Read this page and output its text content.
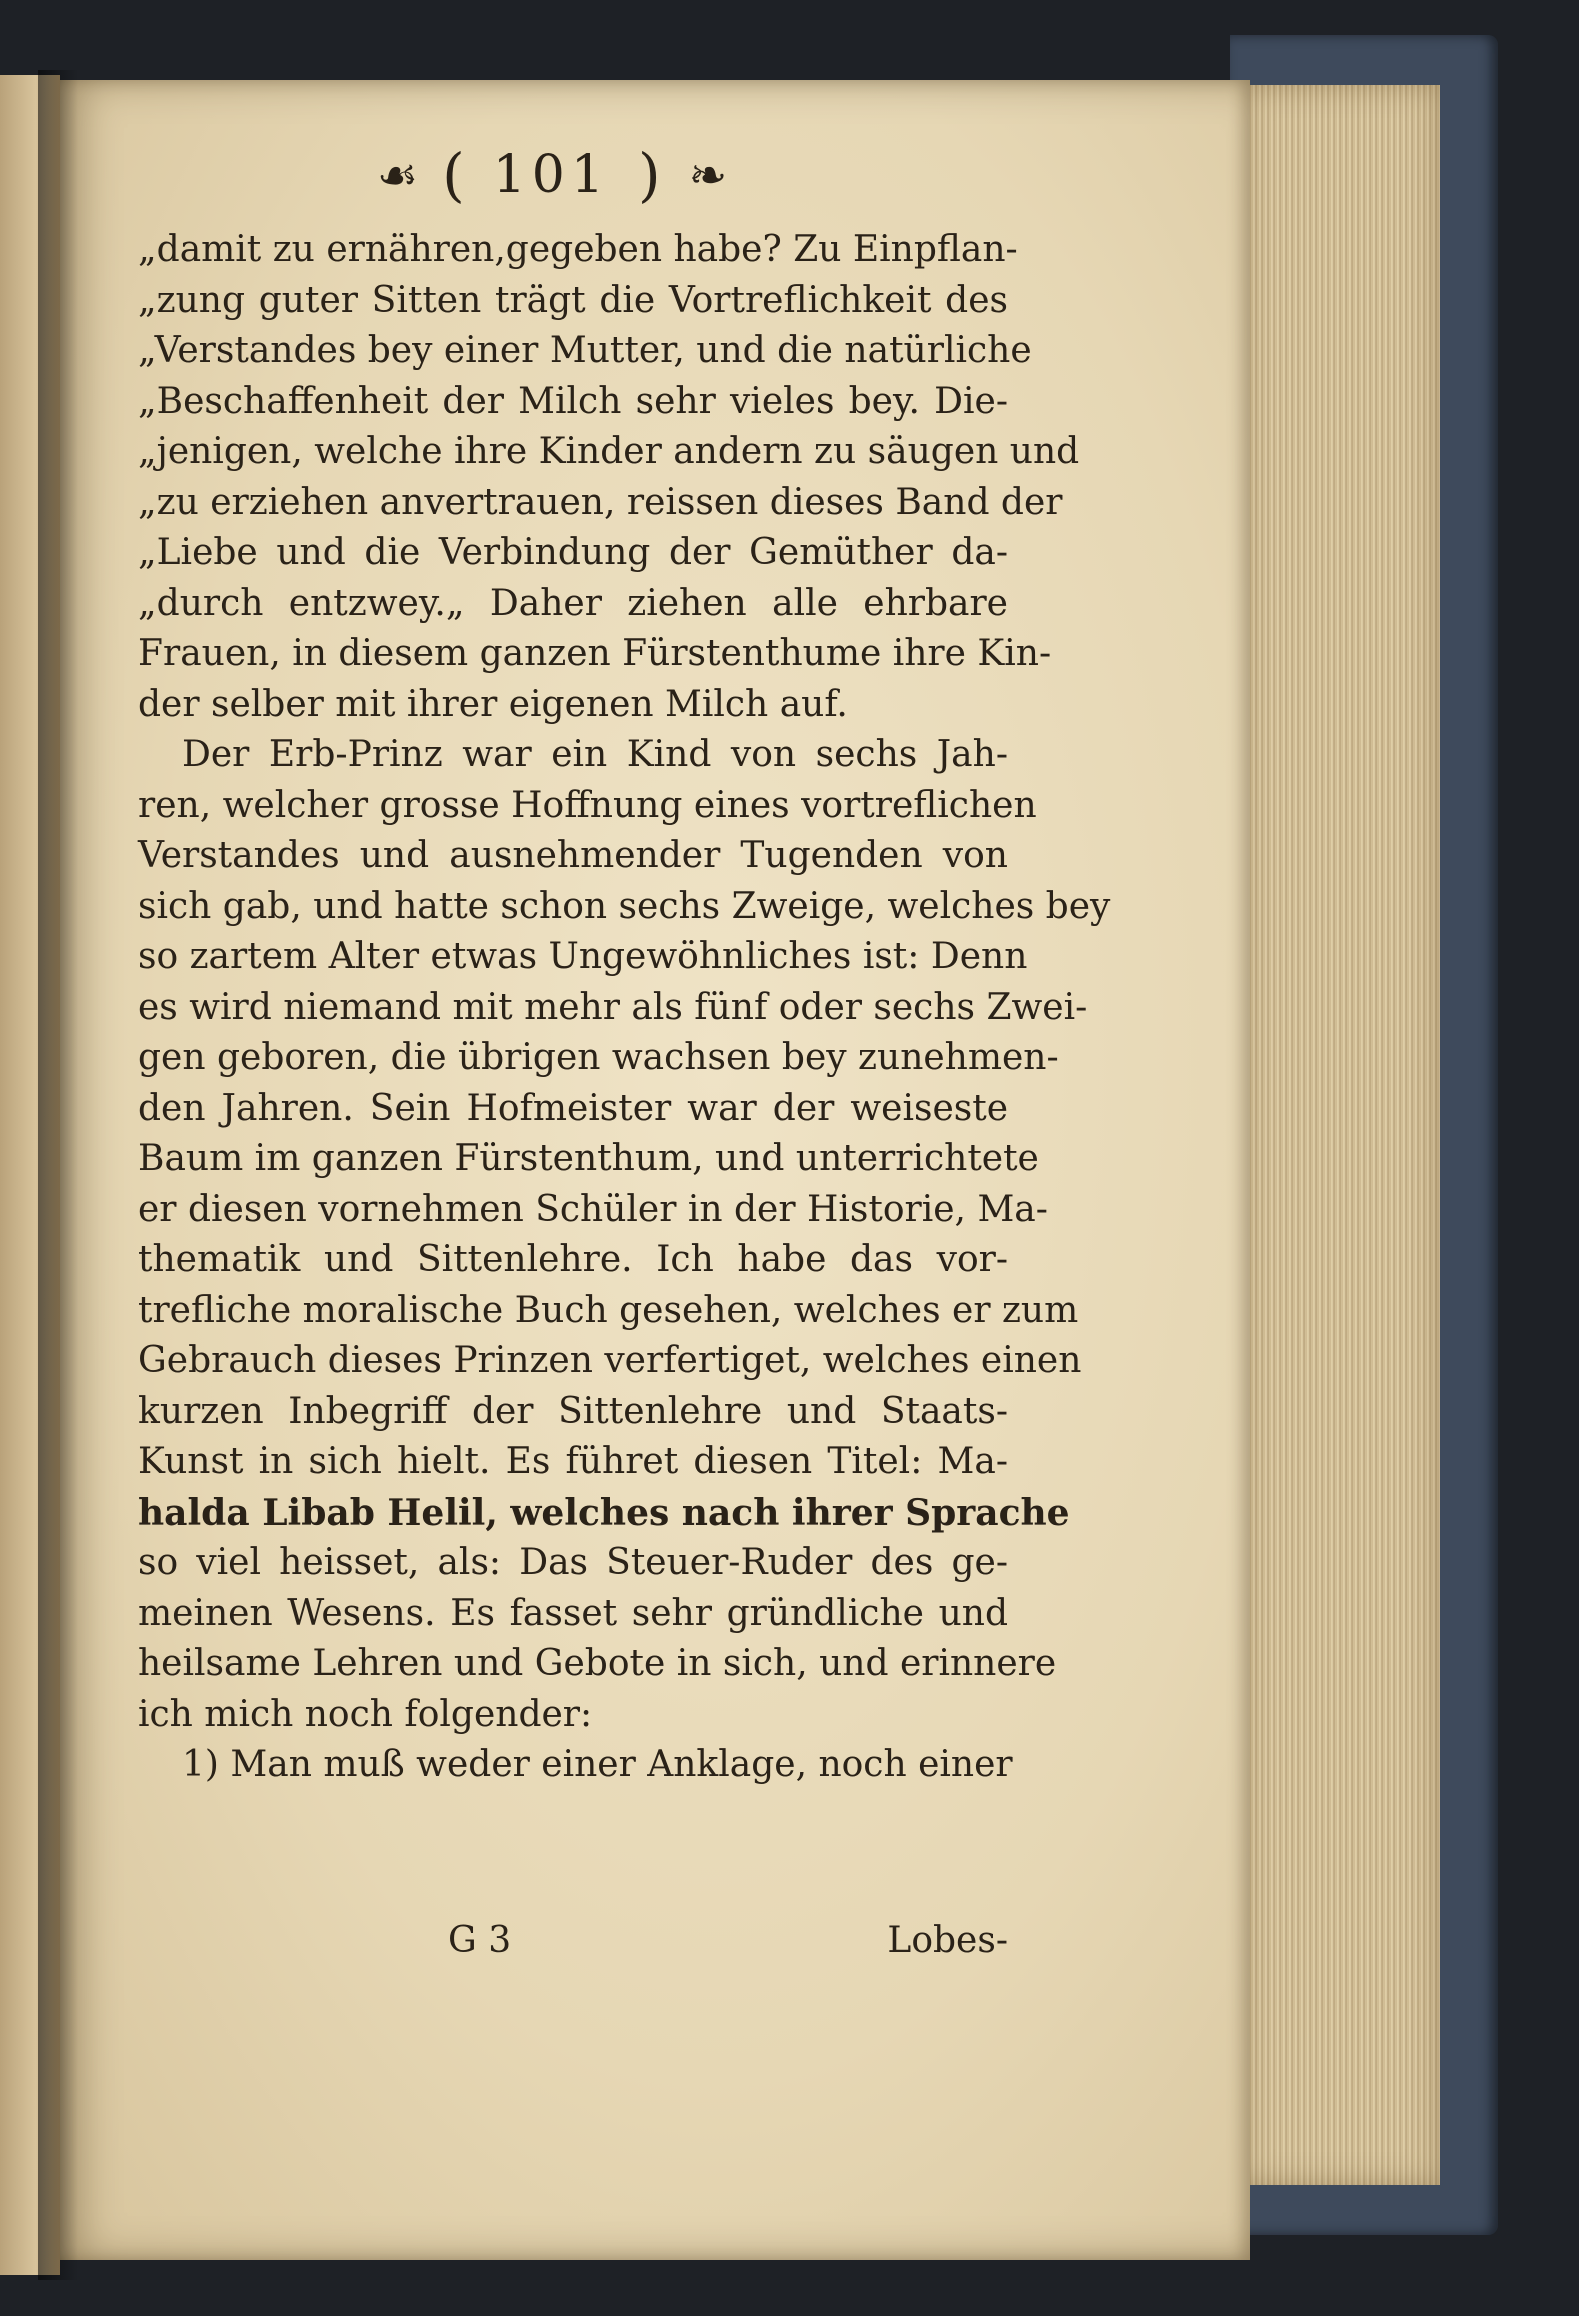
☙ ( 101 ) ❧
„damit zu ernähren,gegeben habe? Zu Einpflan-
„zung guter Sitten trägt die Vortreflichkeit des
„Verstandes bey einer Mutter, und die natürliche
„Beschaffenheit der Milch sehr vieles bey. Die-
„jenigen, welche ihre Kinder andern zu säugen und
„zu erziehen anvertrauen, reissen dieses Band der
„Liebe und die Verbindung der Gemüther da-
„durch entzwey.„ Daher ziehen alle ehrbare
Frauen, in diesem ganzen Fürstenthume ihre Kin-
der selber mit ihrer eigenen Milch auf.
Der Erb-Prinz war ein Kind von sechs Jah-
ren, welcher grosse Hoffnung eines vortreflichen
Verstandes und ausnehmender Tugenden von
sich gab, und hatte schon sechs Zweige, welches bey
so zartem Alter etwas Ungewöhnliches ist: Denn
es wird niemand mit mehr als fünf oder sechs Zwei-
gen geboren, die übrigen wachsen bey zunehmen-
den Jahren. Sein Hofmeister war der weiseste
Baum im ganzen Fürstenthum, und unterrichtete
er diesen vornehmen Schüler in der Historie, Ma-
thematik und Sittenlehre. Ich habe das vor-
trefliche moralische Buch gesehen, welches er zum
Gebrauch dieses Prinzen verfertiget, welches einen
kurzen Inbegriff der Sittenlehre und Staats-
Kunst in sich hielt. Es führet diesen Titel: Ma-
halda Libab Helil, welches nach ihrer Sprache
so viel heisset, als: Das Steuer-Ruder des ge-
meinen Wesens. Es fasset sehr gründliche und
heilsame Lehren und Gebote in sich, und erinnere
ich mich noch folgender:
1) Man muß weder einer Anklage, noch einer
G 3	Lobes-
